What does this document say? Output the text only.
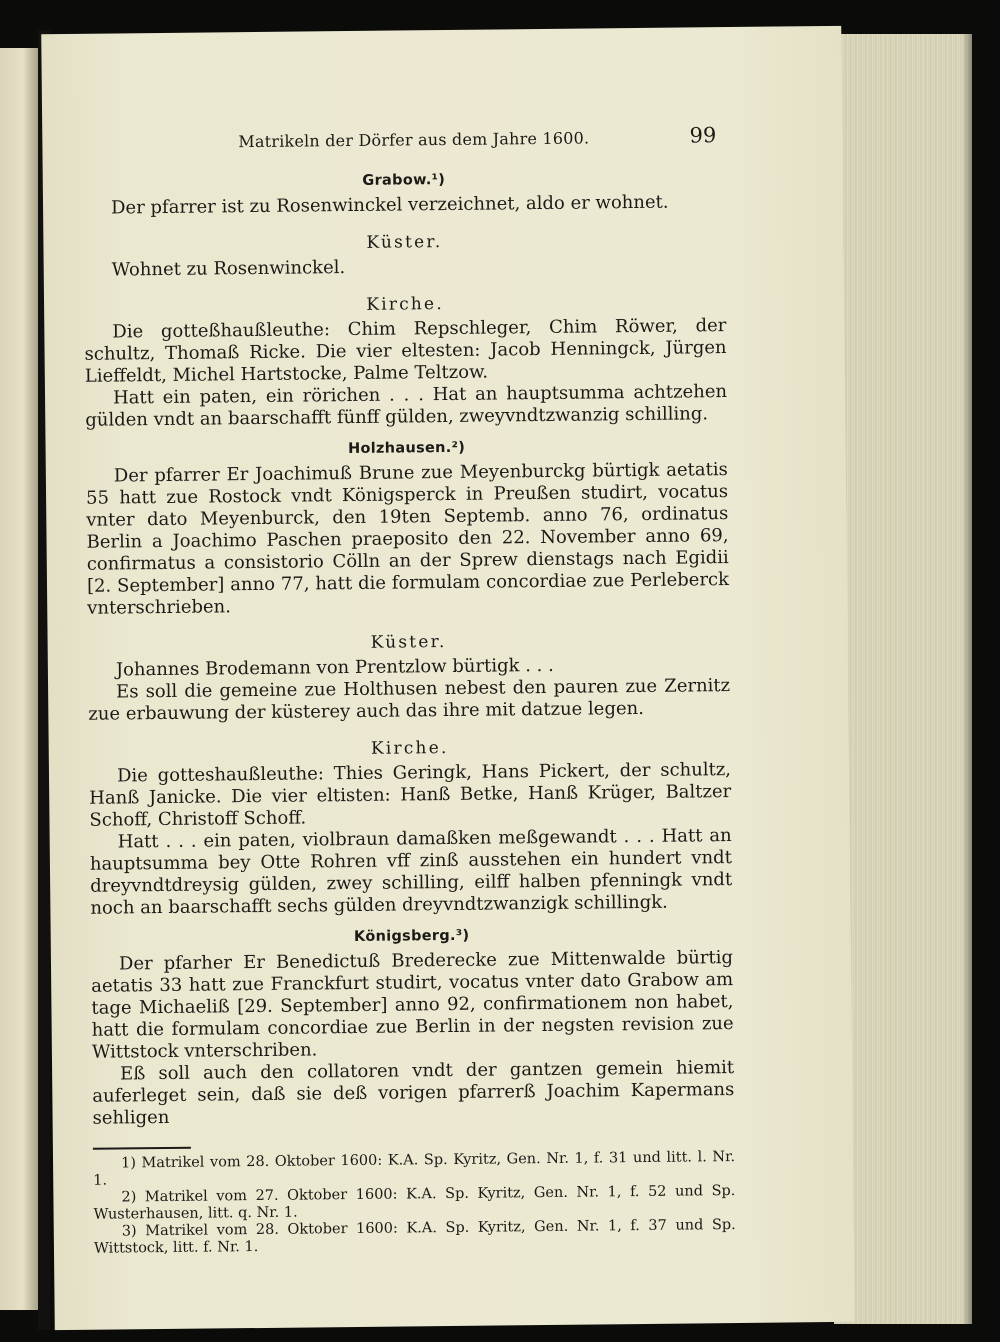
Matrikeln der Dörfer aus dem Jahre 1600.	99
Grabow.¹)

Der pfarrer ist zu Rosenwinckel verzeichnet, aldo er wohnet.

Küster.

Wohnet zu Rosenwinckel.

Kirche.

Die gotteßhaußleuthe: Chim Repschleger, Chim Röwer, der schultz, Thomaß Ricke. Die vier eltesten: Jacob Henningck, Jürgen Lieffeldt, Michel Hartstocke, Palme Teltzow.

Hatt ein paten, ein rörichen . . . Hat an hauptsumma achtzehen gülden vndt an baarschafft fünff gülden, zweyvndtzwanzig schilling.

Holzhausen.²)

Der pfarrer Er Joachimuß Brune zue Meyenburckg bürtigk aetatis 55 hatt zue Rostock vndt Königsperck in Preußen studirt, vocatus vnter dato Meyenburck, den 19ten Septemb. anno 76, ordinatus Berlin a Joachimo Paschen praeposito den 22. November anno 69, confirmatus a consistorio Cölln an der Sprew dienstags nach Egidii [2. September] anno 77, hatt die formulam concordiae zue Perleberck vnterschrieben.

Küster.

Johannes Brodemann von Prentzlow bürtigk . . .

Es soll die gemeine zue Holthusen nebest den pauren zue Zernitz zue erbauwung der küsterey auch das ihre mit datzue legen.

Kirche.

Die gotteshaußleuthe: Thies Geringk, Hans Pickert, der schultz, Hanß Janicke. Die vier eltisten: Hanß Betke, Hanß Krüger, Baltzer Schoff, Christoff Schoff.

Hatt . . . ein paten, violbraun damaßken meßgewandt . . . Hatt an hauptsumma bey Otte Rohren vff zinß ausstehen ein hundert vndt dreyvndtdreysig gülden, zwey schilling, eilff halben pfenningk vndt noch an baarschafft sechs gülden dreyvndtzwanzigk schillingk.

Königsberg.³)

Der pfarher Er Benedictuß Brederecke zue Mittenwalde bürtig aetatis 33 hatt zue Franckfurt studirt, vocatus vnter dato Grabow am tage Michaeliß [29. September] anno 92, confirmationem non habet, hatt die formulam concordiae zue Berlin in der negsten revision zue Wittstock vnterschriben.

Eß soll auch den collatoren vndt der gantzen gemein hiemit auferleget sein, daß sie deß vorigen pfarrerß Joachim Kapermans sehligen

1) Matrikel vom 28. Oktober 1600: K.A. Sp. Kyritz, Gen. Nr. 1, f. 31 und litt. l. Nr. 1.

2) Matrikel vom 27. Oktober 1600: K.A. Sp. Kyritz, Gen. Nr. 1, f. 52 und Sp. Wusterhausen, litt. q. Nr. 1.

3) Matrikel vom 28. Oktober 1600: K.A. Sp. Kyritz, Gen. Nr. 1, f. 37 und Sp. Wittstock, litt. f. Nr. 1.
